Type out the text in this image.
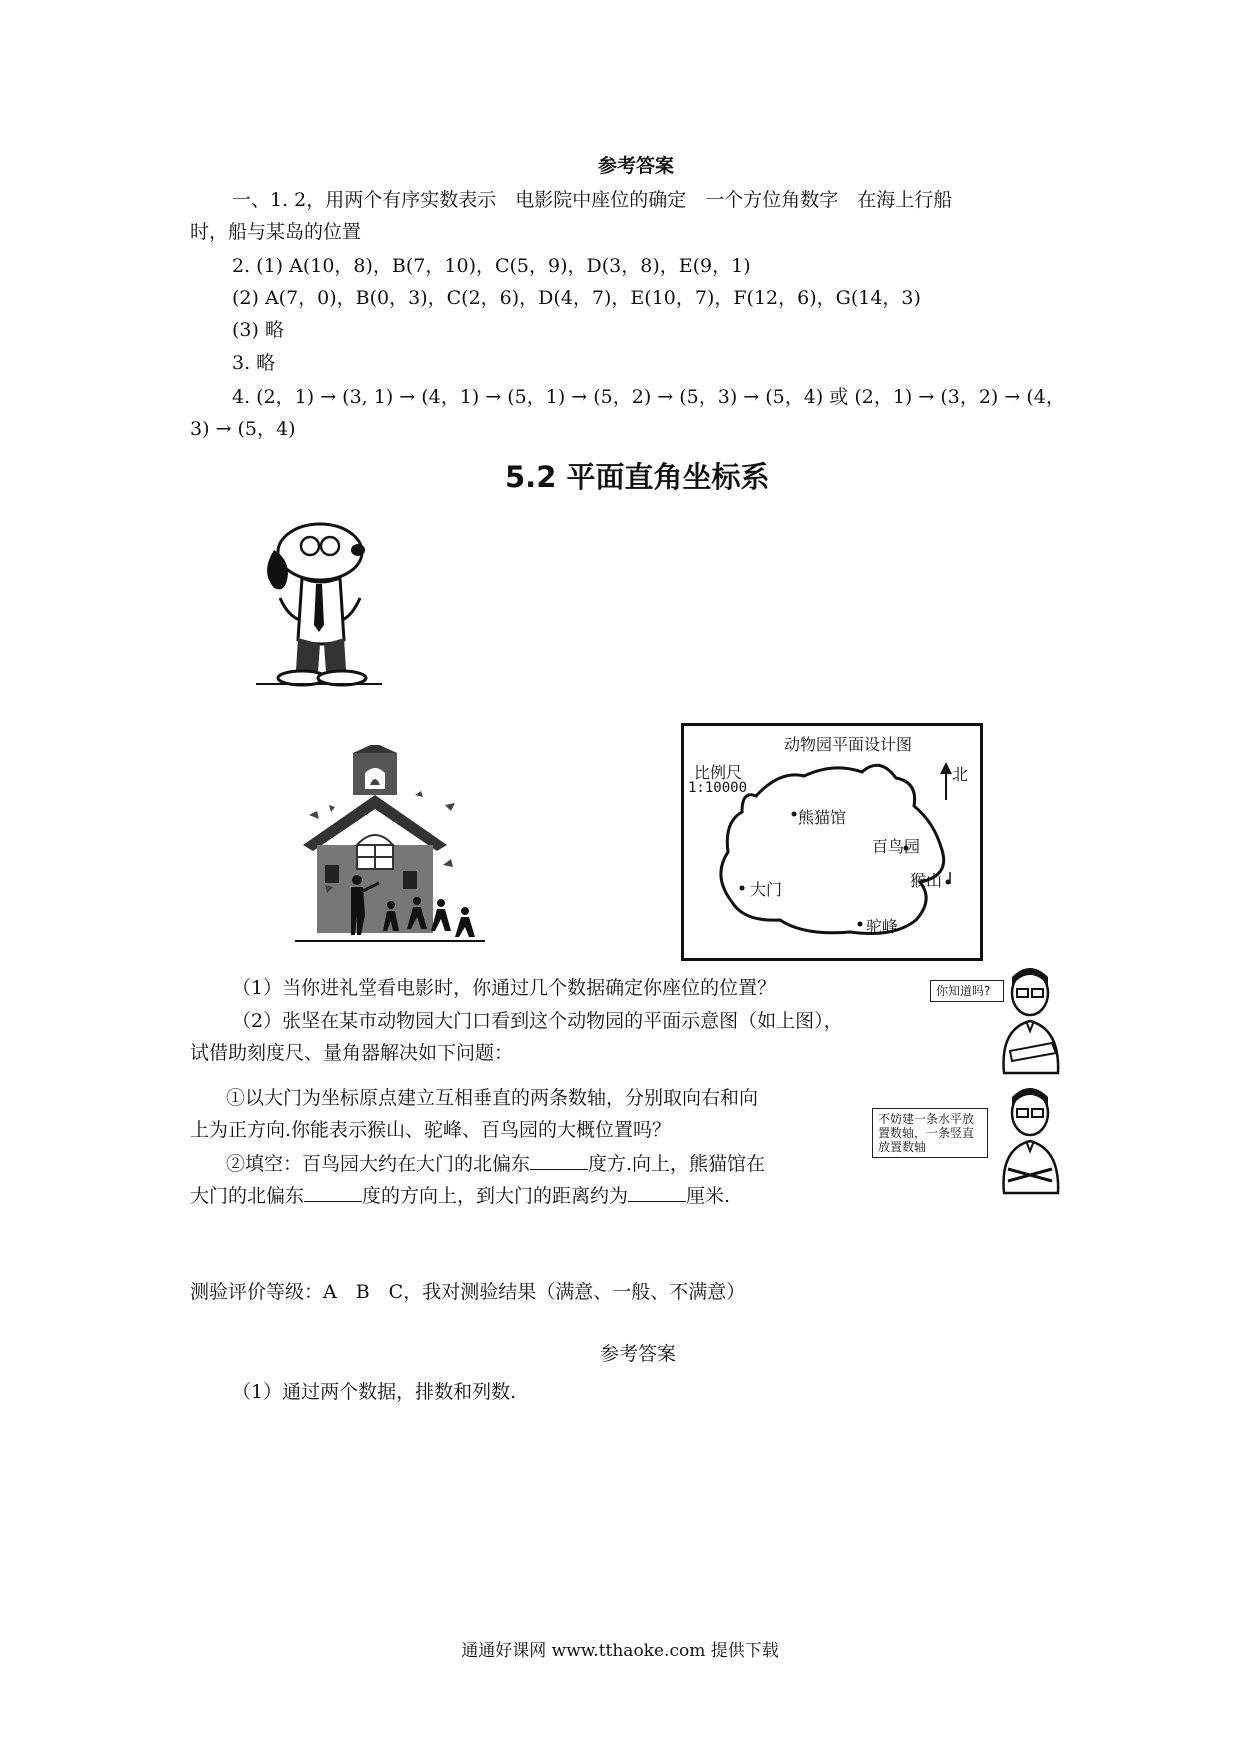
参考答案
一、1. 2，用两个有序实数表示　电影院中座位的确定　一个方位角数字　在海上行船
时，船与某岛的位置
2. (1) A(10，8)，B(7，10)，C(5，9)，D(3，8)，E(9，1)
(2) A(7，0)，B(0，3)，C(2，6)，D(4，7)，E(10，7)，F(12，6)，G(14，3)
(3) 略
3. 略
4. (2，1) → (3, 1) → (4，1) → (5，1) → (5，2) → (5，3) → (5，4) 或 (2，1) → (3，2) → (4，
3) → (5，4)
5.2 平面直角坐标系
动物园平面设计图
比例尺
1:10000
北
熊猫馆
百鸟园
猴山
大门
驼峰
（1）当你进礼堂看电影时，你通过几个数据确定你座位的位置？
（2）张坚在某市动物园大门口看到这个动物园的平面示意图（如上图），
试借助刻度尺、量角器解决如下问题：
①以大门为坐标原点建立互相垂直的两条数轴，分别取向右和向
上为正方向.你能表示猴山、驼峰、百鸟园的大概位置吗？
②填空：百鸟园大约在大门的北偏东	度方.向上，熊猫馆在
大门的北偏东	度的方向上，到大门的距离约为	厘米.
你知道吗?
不妨建一条水平放置数轴，一条竖直放置数轴
测验评价等级：A　B　C，我对测验结果（满意、一般、不满意）
参考答案
（1）通过两个数据，排数和列数.
通通好课网 www.tthaoke.com 提供下载
